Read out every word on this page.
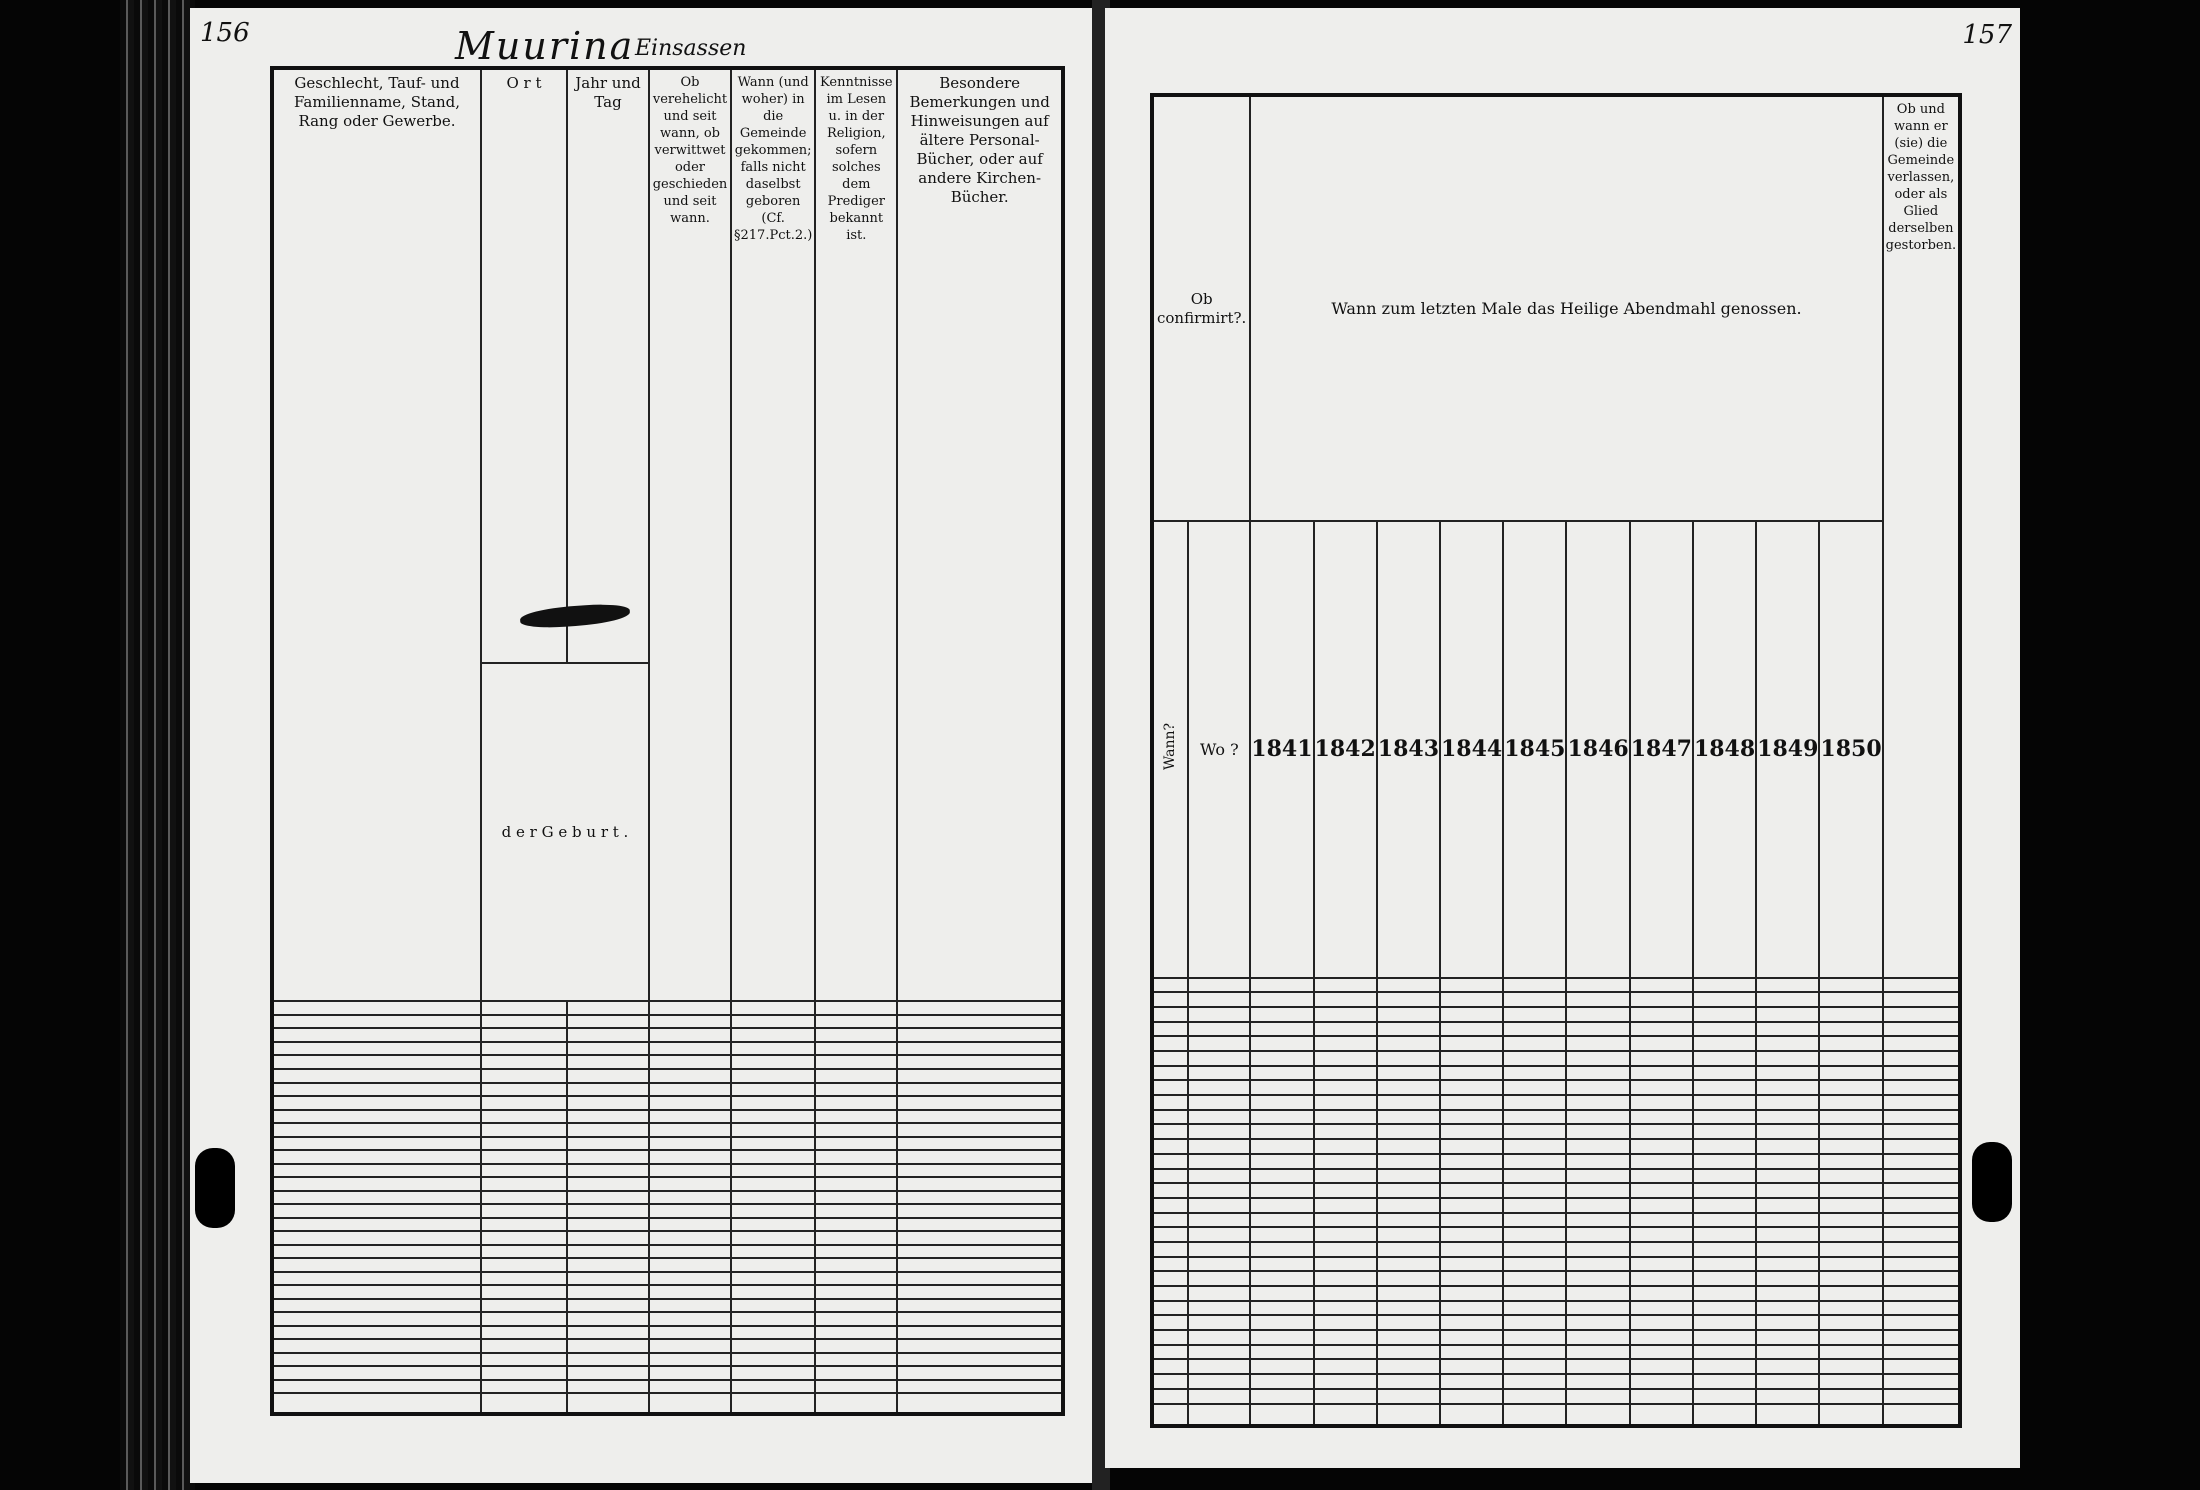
156	Muurina Einsassen
Geschlecht, Tauf- und Familienname, Stand, Rang oder Gewerbe.	O r t	Jahr und Tag	Ob verehelicht und seit wann, ob verwittwet oder geschieden und seit wann.	Wann (und woher) in die Gemeinde gekommen; falls nicht daselbst geboren (Cf. §217.Pct.2.)	Kenntnisse im Lesen u. in der Religion, sofern solches dem Prediger bekannt ist.	Besondere Bemerkungen und Hinweisungen auf ältere Personal-Bücher, oder auf andere Kirchen-Bücher.
	d e r G e b u r t .					

157
Ob confirmirt?.		Wann zum letzten Male das Heilige Abendmahl genossen.										Ob und wann er (sie) die Gemeinde verlassen, oder als Glied derselben gestorben.
Wann?	Wo ?	1841	1842	1843	1844	1845	1846	1847	1848	1849	1850	
